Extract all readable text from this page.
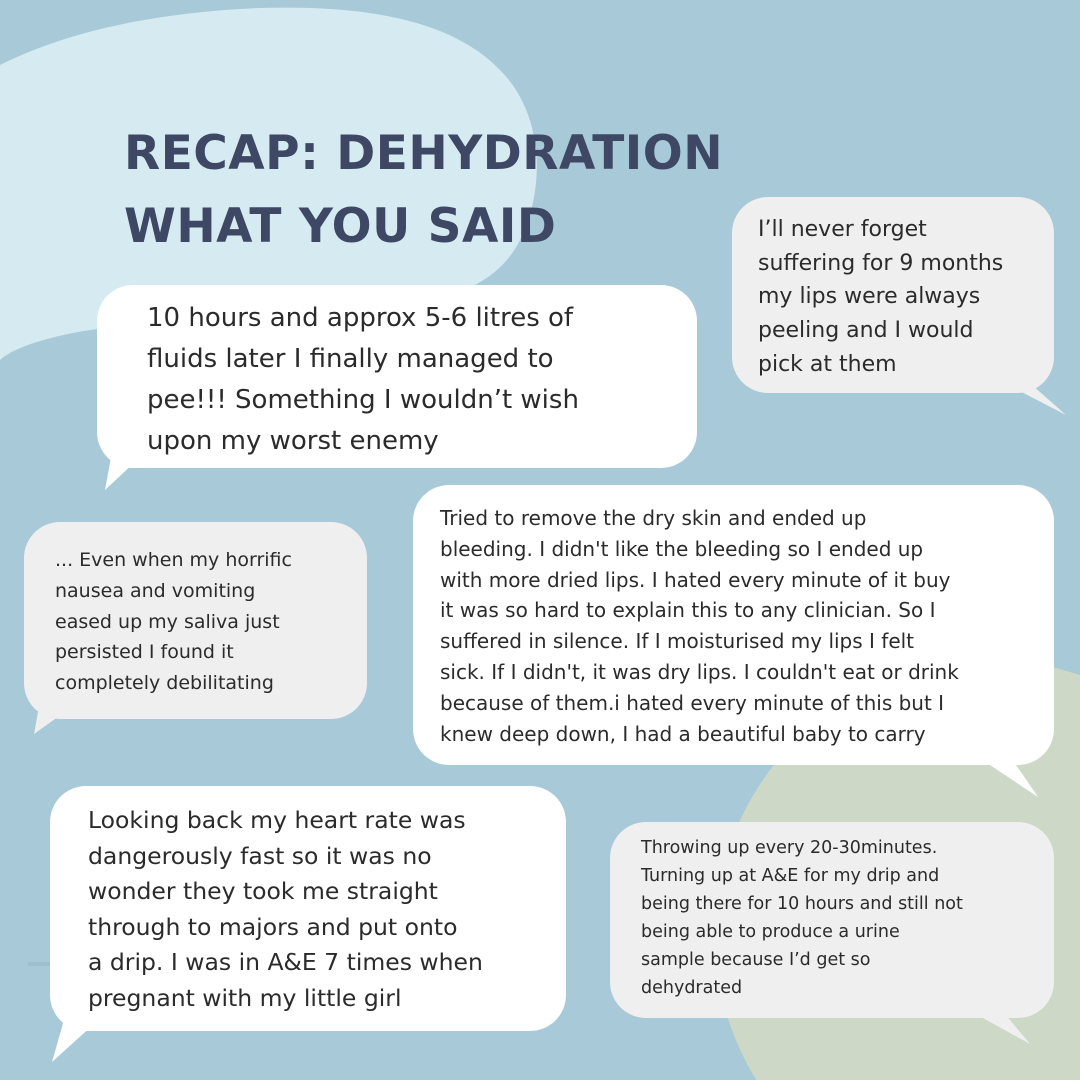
RECAP: DEHYDRATION
WHAT YOU SAID	I’ll never forget
suffering for 9 months
my lips were always
peeling and I would
pick at them

10 hours and approx 5-6 litres of
fluids later I finally managed to
pee!!! Something I wouldn’t wish
upon my worst enemy

... Even when my horrific
nausea and vomiting
eased up my saliva just
persisted I found it
completely debilitating

Tried to remove the dry skin and ended up
bleeding. I didn't like the bleeding so I ended up
with more dried lips. I hated every minute of it buy
it was so hard to explain this to any clinician. So I
suffered in silence. If I moisturised my lips I felt
sick. If I didn't, it was dry lips. I couldn't eat or drink
because of them.i hated every minute of this but I
knew deep down, I had a beautiful baby to carry

Looking back my heart rate was
dangerously fast so it was no
wonder they took me straight
through to majors and put onto
a drip. I was in A&E 7 times when
pregnant with my little girl

Throwing up every 20-30minutes.
Turning up at A&E for my drip and
being there for 10 hours and still not
being able to produce a urine
sample because I’d get so
dehydrated
